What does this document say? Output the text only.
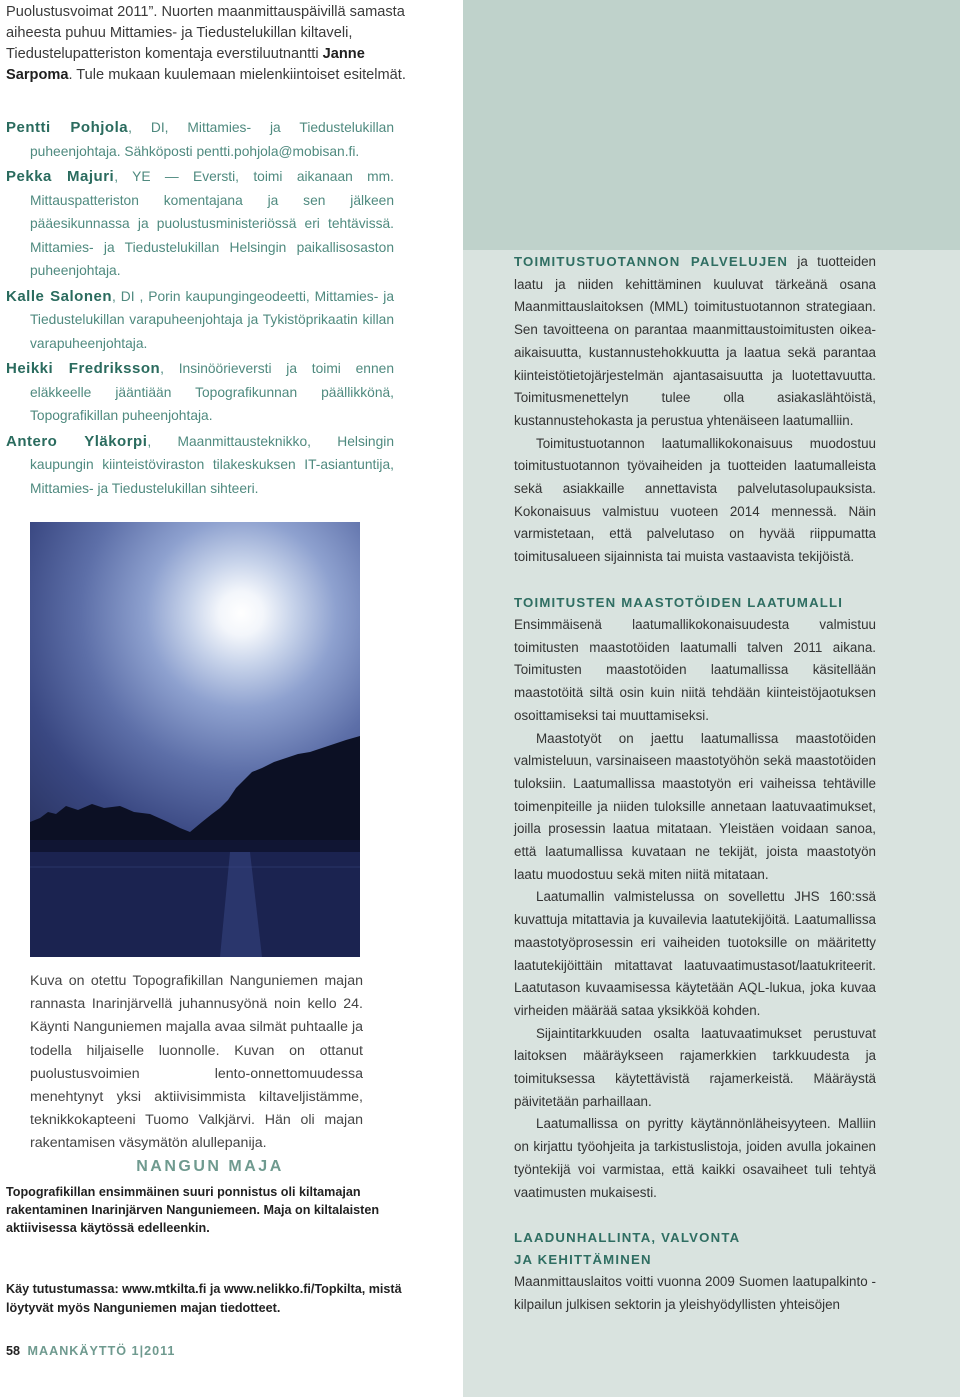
Puolustusvoimat 2011”. Nuorten maanmittauspäivillä samasta aiheesta puhuu Mittamies- ja Tiedustelukillan kiltaveli, Tiedustelupatteriston komentaja everstiluutnantti Janne Sarpoma. Tule mukaan kuulemaan mielenkiintoiset esitelmät.

Pentti Pohjola, DI, Mittamies- ja Tiedustelukillan puheenjohtaja. Sähköposti pentti.pohjola@mobisan.fi.

Pekka Majuri, YE — Eversti, toimi aikanaan mm. Mittauspatteriston komentajana ja sen jälkeen pääesikunnassa ja puolustusministeriössä eri tehtävissä. Mittamies- ja Tiedustelukillan Helsingin paikallisosaston puheenjohtaja.

Kalle Salonen, DI , Porin kaupungingeodeetti, Mittamies- ja Tiedustelukillan varapuheenjohtaja ja Tykistöprikaatin killan varapuheenjohtaja.

Heikki Fredriksson, Insinöörieversti ja toimi ennen eläkkeelle jääntiään Topografikunnan päällikkönä, Topografikillan puheenjohtaja.

Antero Yläkorpi, Maanmittausteknikko, Helsingin kaupungin kiinteistöviraston tilakeskuksen IT-asiantuntija, Mittamies- ja Tiedustelukillan sihteeri.

Kuva on otettu Topografikillan Nanguniemen majan rannasta Inarinjärvellä juhannusyönä noin kello 24. Käynti Nanguniemen majalla avaa silmät puhtaalle ja todella hiljaiselle luonnolle. Kuvan on ottanut puolustusvoimien lento-onnettomuudessa menehtynyt yksi aktiivisimmista kiltaveljistämme, teknikkokapteeni Tuomo Valkjärvi. Hän oli majan rakentamisen väsymätön alullepanija.
NANGUN MAJA
Topografikillan ensimmäinen suuri ponnistus oli kiltamajan rakentaminen Inarinjärven Nanguniemeen. Maja on kiltalaisten aktiivisessa käytössä edelleenkin.
Käy tutustumassa: www.mtkilta.fi ja www.nelikko.fi/Topkilta, mistä löytyvät myös Nanguniemen majan tiedotteet.
58 MAANKÄYTTÖ 1|2011

TOIMITUSTUOTANNON PALVELUJEN ja tuotteiden laatu ja niiden kehittäminen kuuluvat tärkeänä osana Maanmittauslaitoksen (MML) toimitustuotannon strategiaan. Sen tavoitteena on parantaa maanmittaustoimitusten oikea-aikaisuutta, kustannustehokkuutta ja laatua sekä parantaa kiinteistötietojärjestelmän ajantasaisuutta ja luotettavuutta. Toimitusmenettelyn tulee olla asiakaslähtöistä, kustannustehokasta ja perustua yhtenäiseen laatumalliin.

Toimitustuotannon laatumallikokonaisuus muodostuu toimitustuotannon työvaiheiden ja tuotteiden laatumalleista sekä asiakkaille annettavista palvelutasolupauksista. Kokonaisuus valmistuu vuoteen 2014 mennessä. Näin varmistetaan, että palvelutaso on hyvää riippumatta toimitusalueen sijainnista tai muista vastaavista tekijöistä.

TOIMITUSTEN MAASTOTÖIDEN LAATUMALLI

Ensimmäisenä laatumallikokonaisuudesta valmistuu toimitusten maastotöiden laatumalli talven 2011 aikana. Toimitusten maastotöiden laatumallissa käsitellään maastotöitä siltä osin kuin niitä tehdään kiinteistöjaotuksen osoittamiseksi tai muuttamiseksi.

Maastotyöt on jaettu laatumallissa maastotöiden valmisteluun, varsinaiseen maastotyöhön sekä maastotöiden tuloksiin. Laatumallissa maastotyön eri vaiheissa tehtäville toimenpiteille ja niiden tuloksille annetaan laatuvaatimukset, joilla prosessin laatua mitataan. Yleistäen voidaan sanoa, että laatumallissa kuvataan ne tekijät, joista maastotyön laatu muodostuu sekä miten niitä mitataan.

Laatumallin valmistelussa on sovellettu JHS 160:ssä kuvattuja mitattavia ja kuvailevia laatutekijöitä. Laatumallissa maastotyöprosessin eri vaiheiden tuotoksille on määritetty laatutekijöittäin mitattavat laatuvaatimustasot/laatukriteerit. Laatutason kuvaamisessa käytetään AQL-lukua, joka kuvaa virheiden määrää sataa yksikköä kohden.

Sijaintitarkkuuden osalta laatuvaatimukset perustuvat laitoksen määräykseen rajamerkkien tarkkuudesta ja toimituksessa käytettävistä rajamerkeistä. Määräystä päivitetään parhaillaan.

Laatumallissa on pyritty käytännönläheisyyteen. Malliin on kirjattu työohjeita ja tarkistuslistoja, joiden avulla jokainen työntekijä voi varmistaa, että kaikki osavaiheet tuli tehtyä vaatimusten mukaisesti.

LAADUNHALLINTA, VALVONTA

JA KEHITTÄMINEN

Maanmittauslaitos voitti vuonna 2009 Suomen laatupalkinto -kilpailun julkisen sektorin ja yleishyödyllisten yhteisöjen
